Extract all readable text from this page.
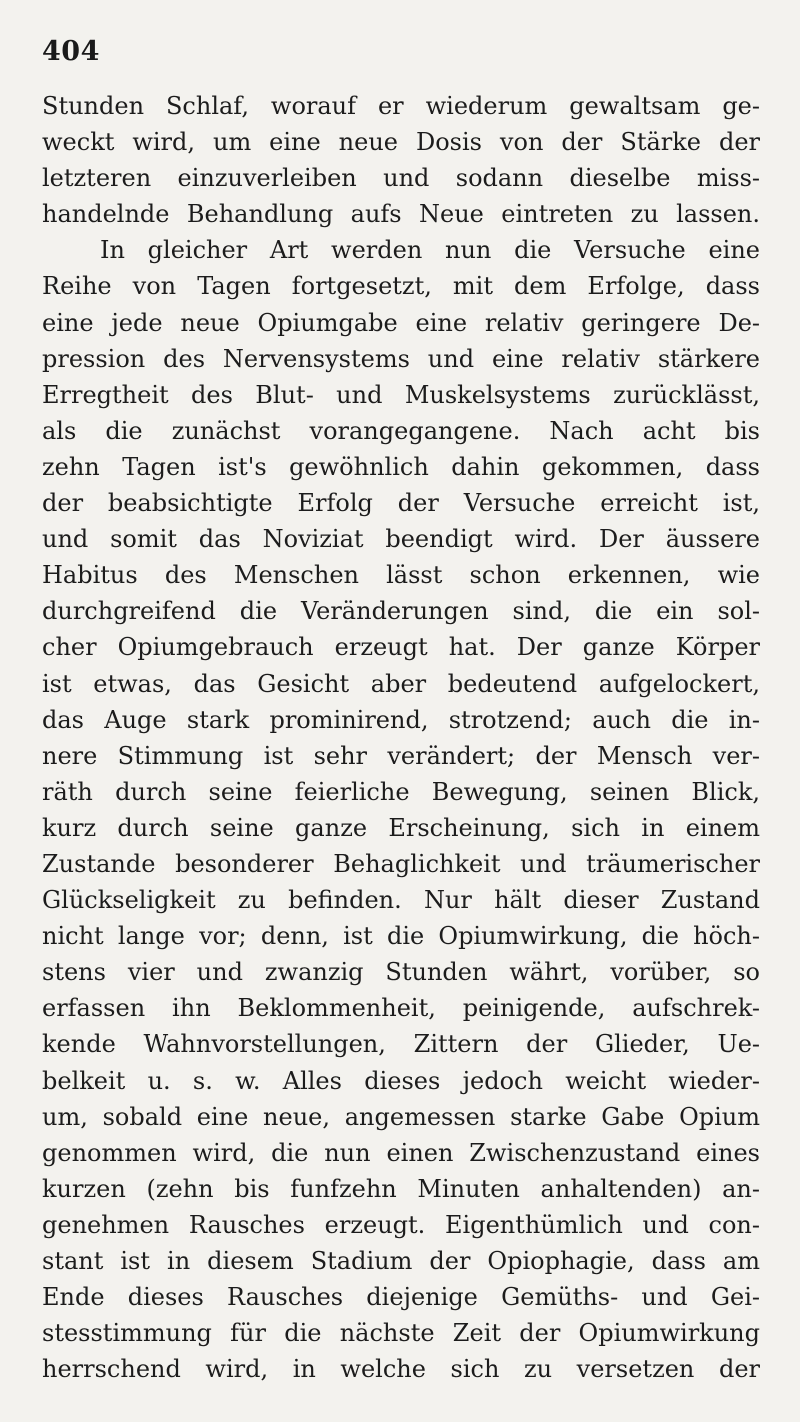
404
Stunden Schlaf, worauf er wiederum gewaltsam ge-
weckt wird, um eine neue Dosis von der Stärke der
letzteren einzuverleiben und sodann dieselbe miss-
handelnde Behandlung aufs Neue eintreten zu lassen.
In gleicher Art werden nun die Versuche eine
Reihe von Tagen fortgesetzt, mit dem Erfolge, dass
eine jede neue Opiumgabe eine relativ geringere De-
pression des Nervensystems und eine relativ stärkere
Erregtheit des Blut- und Muskelsystems zurücklässt,
als die zunächst vorangegangene. Nach acht bis
zehn Tagen ist's gewöhnlich dahin gekommen, dass
der beabsichtigte Erfolg der Versuche erreicht ist,
und somit das Noviziat beendigt wird. Der äussere
Habitus des Menschen lässt schon erkennen, wie
durchgreifend die Veränderungen sind, die ein sol-
cher Opiumgebrauch erzeugt hat. Der ganze Körper
ist etwas, das Gesicht aber bedeutend aufgelockert,
das Auge stark prominirend, strotzend; auch die in-
nere Stimmung ist sehr verändert; der Mensch ver-
räth durch seine feierliche Bewegung, seinen Blick,
kurz durch seine ganze Erscheinung, sich in einem
Zustande besonderer Behaglichkeit und träumerischer
Glückseligkeit zu befinden. Nur hält dieser Zustand
nicht lange vor; denn, ist die Opiumwirkung, die höch-
stens vier und zwanzig Stunden währt, vorüber, so
erfassen ihn Beklommenheit, peinigende, aufschrek-
kende Wahnvorstellungen, Zittern der Glieder, Ue-
belkeit u. s. w. Alles dieses jedoch weicht wieder-
um, sobald eine neue, angemessen starke Gabe Opium
genommen wird, die nun einen Zwischenzustand eines
kurzen (zehn bis funfzehn Minuten anhaltenden) an-
genehmen Rausches erzeugt. Eigenthümlich und con-
stant ist in diesem Stadium der Opiophagie, dass am
Ende dieses Rausches diejenige Gemüths- und Gei-
stesstimmung für die nächste Zeit der Opiumwirkung
herrschend wird, in welche sich zu versetzen der
